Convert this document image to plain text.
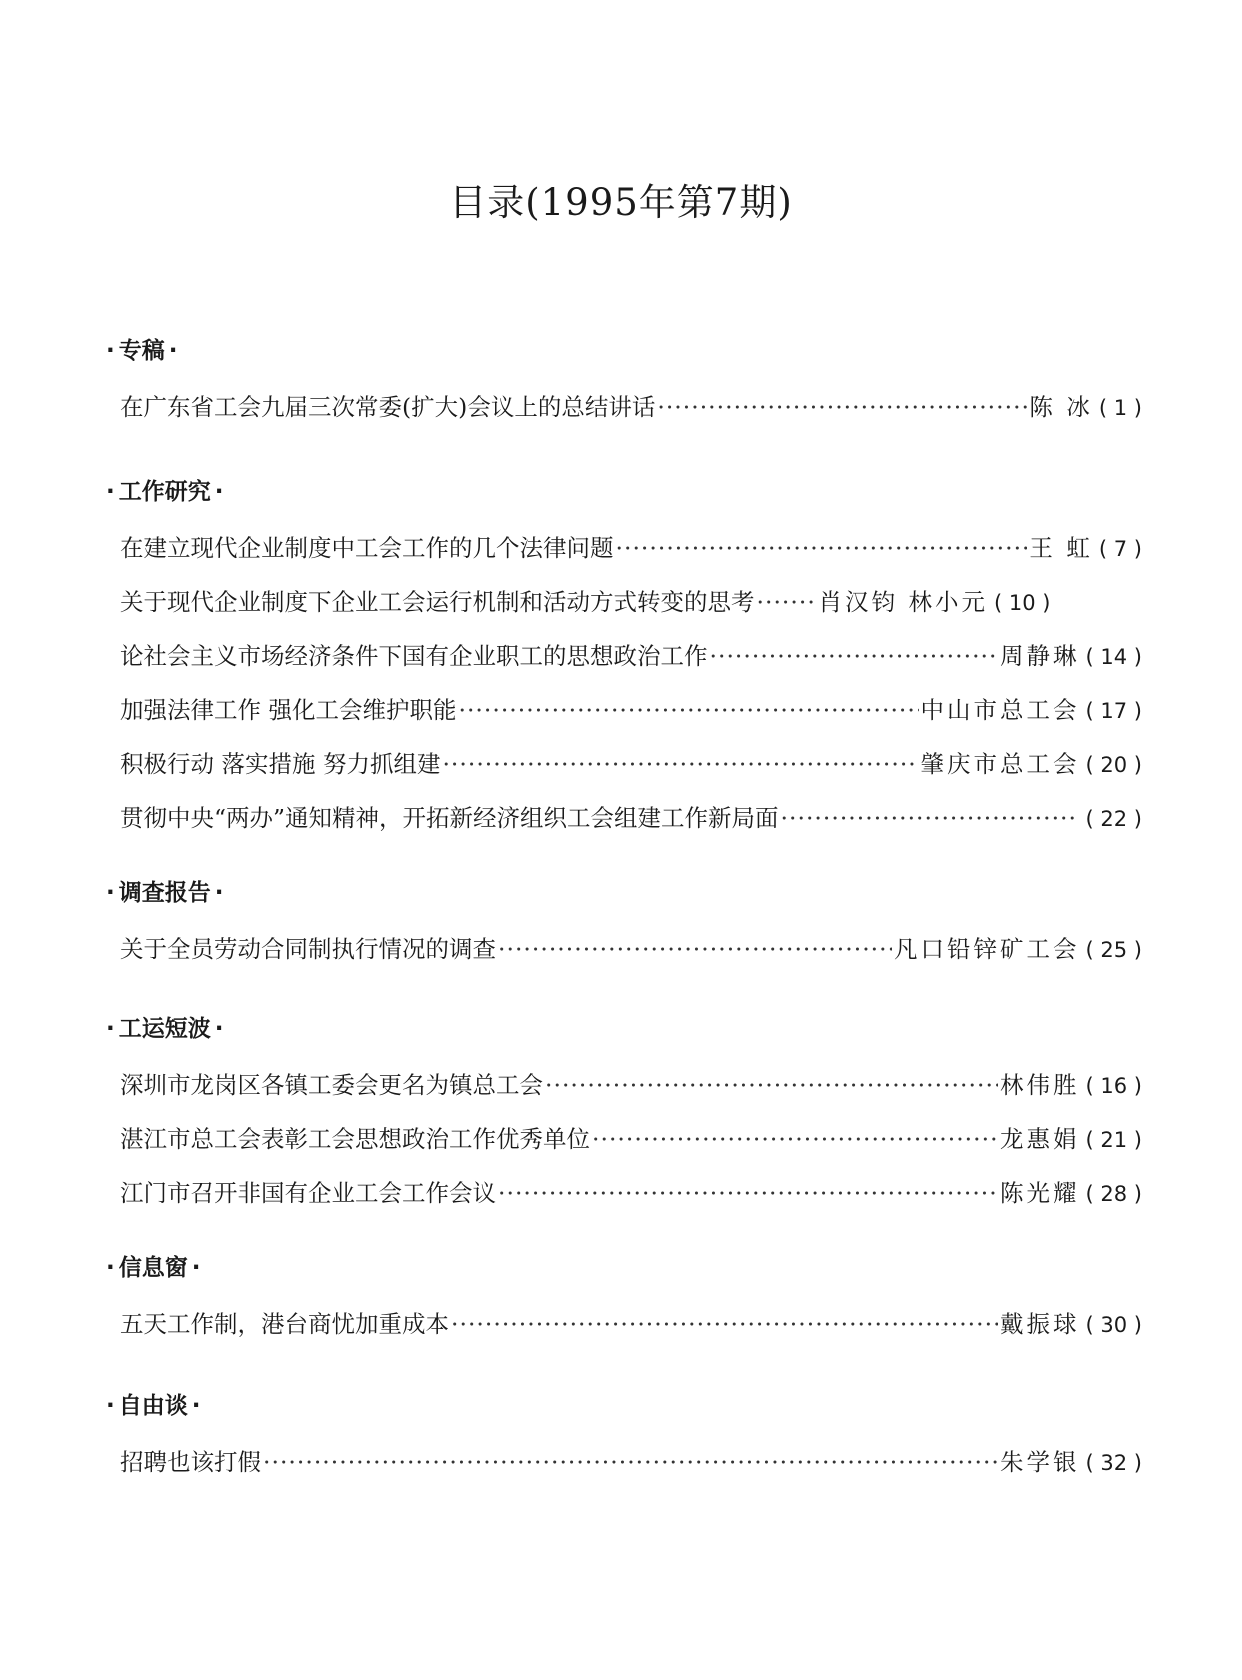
目录(1995年第7期)
· 专稿 ·
在广东省工会九届三次常委(扩大)会议上的总结讲话 ·····	陈 冰 ( 1 )
· 工作研究 ·
在建立现代企业制度中工会工作的几个法律问题 ·····	王 虹 ( 7 )
关于现代企业制度下企业工会运行机制和活动方式转变的思考 ·····	肖汉钧 林小元 ( 10 )
论社会主义市场经济条件下国有企业职工的思想政治工作 ·····	周静琳 ( 14 )
加强法律工作 强化工会维护职能 ·····	中山市总工会 ( 17 )
积极行动 落实措施 努力抓组建 ·····	肇庆市总工会 ( 20 )
贯彻中央“两办”通知精神，开拓新经济组织工会组建工作新局面 ·····	( 22 )
· 调查报告 ·
关于全员劳动合同制执行情况的调查 ·····	凡口铅锌矿工会 ( 25 )
· 工运短波 ·
深圳市龙岗区各镇工委会更名为镇总工会 ·····	林伟胜 ( 16 )
湛江市总工会表彰工会思想政治工作优秀单位 ·····	龙惠娟 ( 21 )
江门市召开非国有企业工会工作会议 ·····	陈光耀 ( 28 )
· 信息窗 ·
五天工作制，港台商忧加重成本 ·····	戴振球 ( 30 )
· 自由谈 ·
招聘也该打假 ·····	朱学银 ( 32 )
